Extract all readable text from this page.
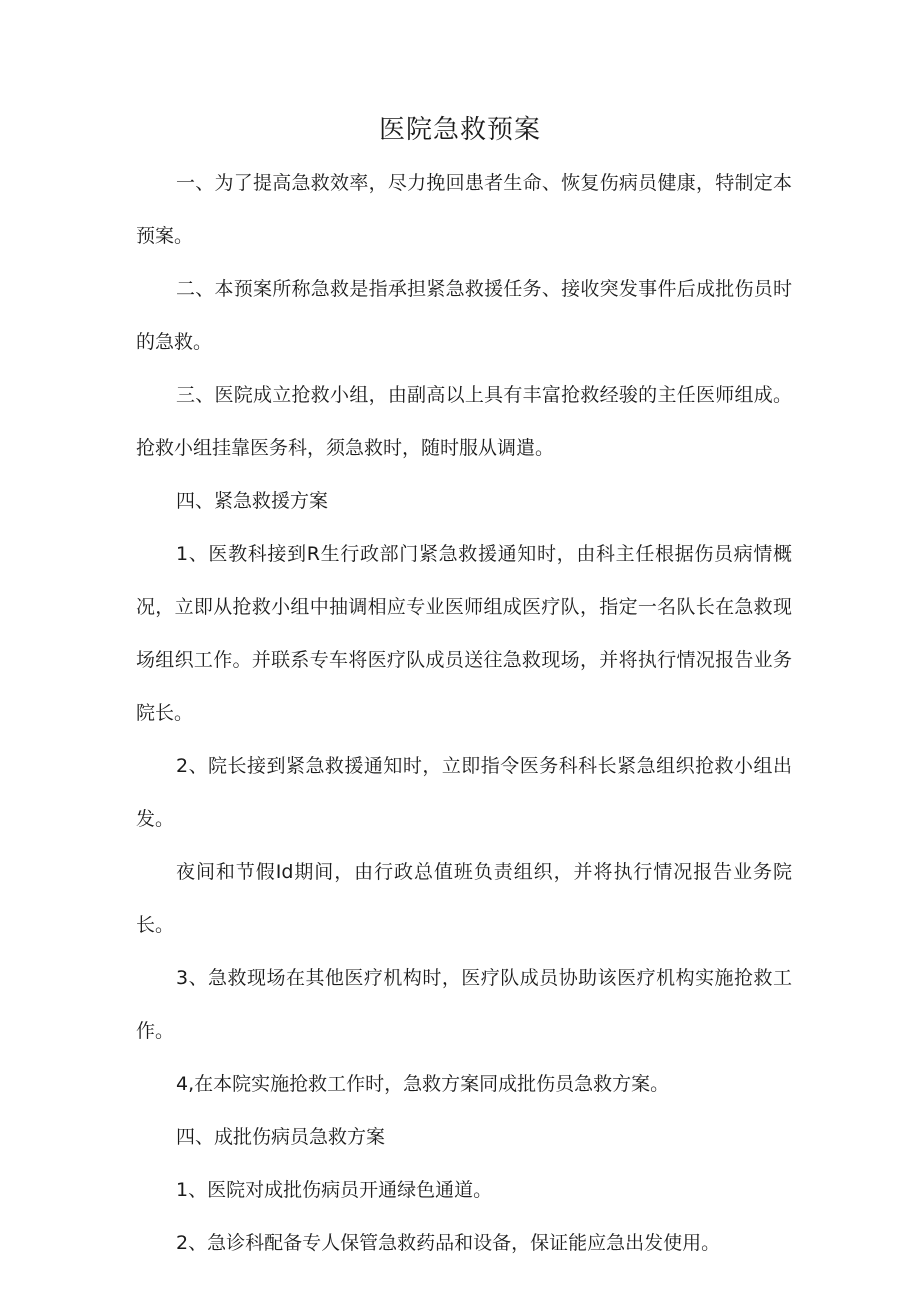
医院急救预案

一、为了提高急救效率，尽力挽回患者生命、恢复伤病员健康，特制定本预案。

二、本预案所称急救是指承担紧急救援任务、接收突发事件后成批伤员时的急救。

三、医院成立抢救小组，由副高以上具有丰富抢救经骏的主任医师组成。抢救小组挂靠医务科，须急救时，随时服从调遣。

四、紧急救援方案

1、医教科接到R生行政部门紧急救援通知时，由科主任根据伤员病情概况，立即从抢救小组中抽调相应专业医师组成医疗队，指定一名队长在急救现场组织工作。并联系专车将医疗队成员送往急救现场，并将执行情况报告业务院长。

2、院长接到紧急救援通知时，立即指令医务科科长紧急组织抢救小组出发。

夜间和节假Id期间，由行政总值班负责组织，并将执行情况报告业务院长。

3、急救现场在其他医疗机构时，医疗队成员协助该医疗机构实施抢救工作。

4,在本院实施抢救工作时，急救方案同成批伤员急救方案。

四、成批伤病员急救方案

1、医院对成批伤病员开通绿色通道。

2、急诊科配备专人保管急救药品和设备，保证能应急出发使用。
